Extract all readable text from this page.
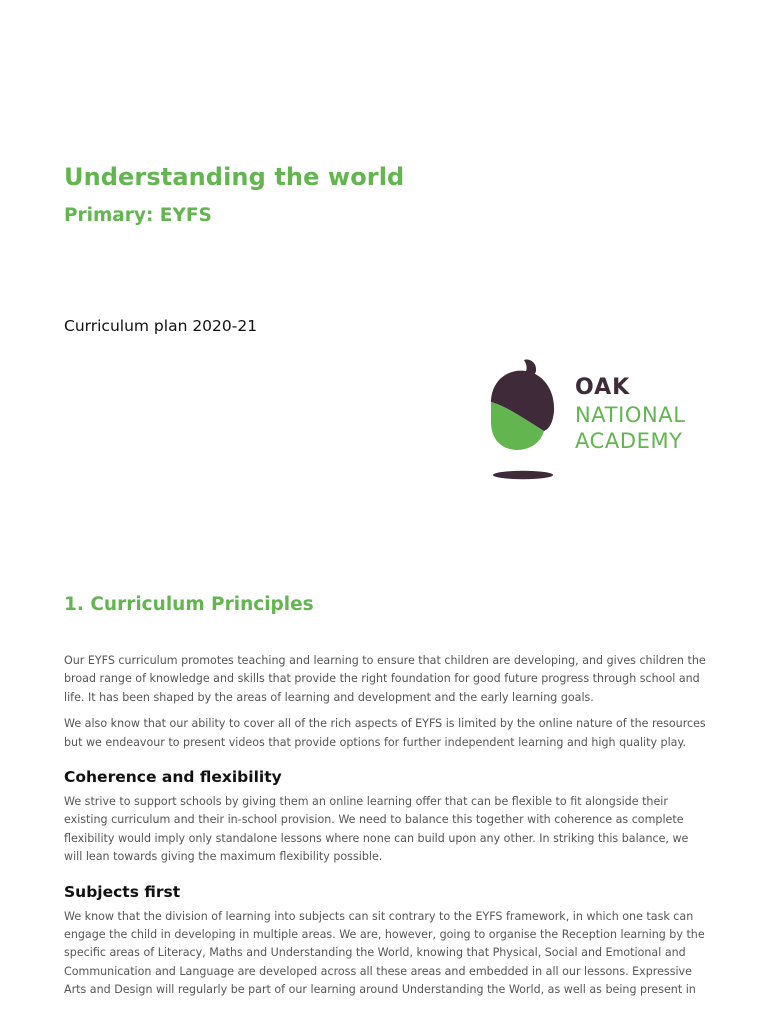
Understanding the world
Primary: EYFS
Curriculum plan 2020-21
OAK
NATIONAL
ACADEMY
1. Curriculum Principles

Our EYFS curriculum promotes teaching and learning to ensure that children are developing, and gives children the broad range of knowledge and skills that provide the right foundation for good future progress through school and life. It has been shaped by the areas of learning and development and the early learning goals.

We also know that our ability to cover all of the rich aspects of EYFS is limited by the online nature of the resources but we endeavour to present videos that provide options for further independent learning and high quality play.

Coherence and flexibility

We strive to support schools by giving them an online learning offer that can be flexible to fit alongside their existing curriculum and their in-school provision. We need to balance this together with coherence as complete flexibility would imply only standalone lessons where none can build upon any other. In striking this balance, we will lean towards giving the maximum flexibility possible.

Subjects first

We know that the division of learning into subjects can sit contrary to the EYFS framework, in which one task can engage the child in developing in multiple areas. We are, however, going to organise the Reception learning by the specific areas of Literacy, Maths and Understanding the World, knowing that Physical, Social and Emotional and Communication and Language are developed across all these areas and embedded in all our lessons. Expressive Arts and Design will regularly be part of our learning around Understanding the World, as well as being present in
